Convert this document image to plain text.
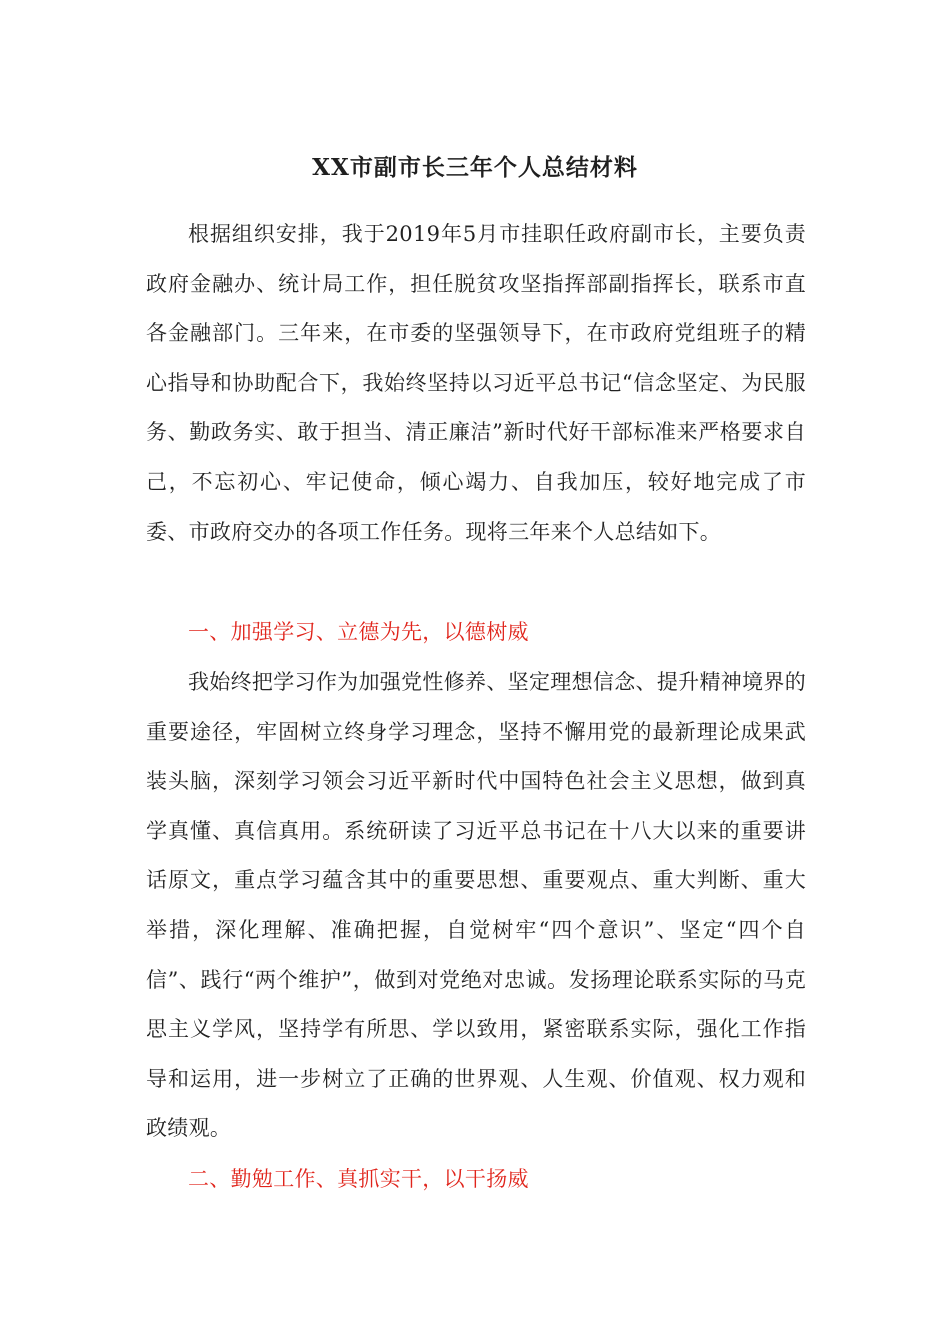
XX市副市长三年个人总结材料

根据组织安排，我于2019年5月市挂职任政府副市长，主要负责政府金融办、统计局工作，担任脱贫攻坚指挥部副指挥长，联系市直各金融部门。三年来，在市委的坚强领导下，在市政府党组班子的精心指导和协助配合下，我始终坚持以习近平总书记“信念坚定、为民服务、勤政务实、敢于担当、清正廉洁”新时代好干部标准来严格要求自己，不忘初心、牢记使命，倾心竭力、自我加压，较好地完成了市委、市政府交办的各项工作任务。现将三年来个人总结如下。

一、加强学习、立德为先，以德树威

我始终把学习作为加强党性修养、坚定理想信念、提升精神境界的重要途径，牢固树立终身学习理念，坚持不懈用党的最新理论成果武装头脑，深刻学习领会习近平新时代中国特色社会主义思想，做到真学真懂、真信真用。系统研读了习近平总书记在十八大以来的重要讲话原文，重点学习蕴含其中的重要思想、重要观点、重大判断、重大举措，深化理解、准确把握，自觉树牢“四个意识”、坚定“四个自信”、践行“两个维护”，做到对党绝对忠诚。发扬理论联系实际的马克思主义学风，坚持学有所思、学以致用，紧密联系实际，强化工作指导和运用，进一步树立了正确的世界观、人生观、价值观、权力观和政绩观。

二、勤勉工作、真抓实干，以干扬威
